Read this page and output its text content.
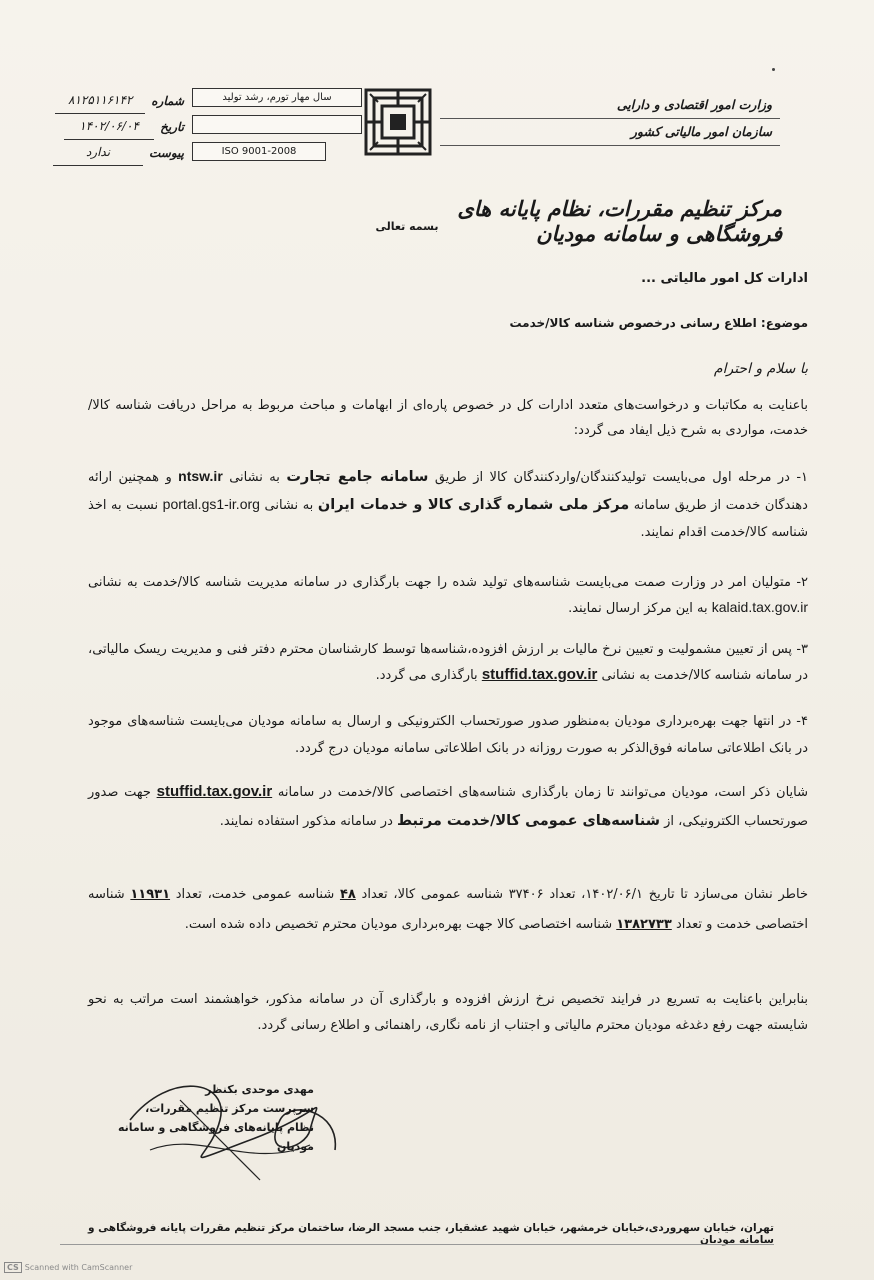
شماره
۸۱۲۵۱۱۶۱۴۲
تاریخ
۱۴۰۲/۰۶/۰۴
پیوست
ندارد
سال مهار تورم، رشد تولید
ISO 9001-2008
وزارت امور اقتصادی و دارایی
سازمان امور مالیاتی کشور
مرکز تنظیم مقررات، نظام پایانه های فروشگاهی و سامانه مودیان
بسمه تعالی
ادارات کل امور مالیاتی ...
موضوع: اطلاع رسانی درخصوص شناسه کالا/خدمت
با سلام و احترام
باعنایت به مکاتبات و درخواست‌های متعدد ادارات کل در خصوص پاره‌ای از ابهامات و مباحث مربوط به مراحل دریافت شناسه کالا/خدمت، مواردی به شرح ذیل ایفاد می گردد:
۱- در مرحله اول می‌بایست تولیدکنندگان/واردکنندگان کالا از طریق سامانه جامع تجارت به نشانی ntsw.ir و همچنین ارائه دهندگان خدمت از طریق سامانه مرکز ملی شماره گذاری کالا و خدمات ایران به نشانی portal.gs1-ir.org نسبت به اخذ شناسه کالا/خدمت اقدام نمایند.
۲- متولیان امر در وزارت صمت می‌بایست شناسه‌های تولید شده را جهت بارگذاری در سامانه مدیریت شناسه کالا/خدمت به نشانی kalaid.tax.gov.ir به این مرکز ارسال نمایند.
۳- پس از تعیین مشمولیت و تعیین نرخ مالیات بر ارزش افزوده،شناسه‌ها توسط کارشناسان محترم دفتر فنی و مدیریت ریسک مالیاتی، در سامانه شناسه کالا/خدمت به نشانی stuffid.tax.gov.ir بارگذاری می گردد.
۴- در انتها جهت بهره‌برداری مودیان به‌منظور صدور صورتحساب الکترونیکی و ارسال به سامانه مودیان می‌بایست شناسه‌های موجود در بانک اطلاعاتی سامانه فوق‌الذکر به صورت روزانه در بانک اطلاعاتی سامانه مودیان درج گردد.
شایان ذکر است، مودیان می‌توانند تا زمان بارگذاری شناسه‌های اختصاصی کالا/خدمت در سامانه stuffid.tax.gov.ir جهت صدور صورتحساب الکترونیکی، از شناسه‌های عمومی کالا/خدمت مرتبط در سامانه مذکور استفاده نمایند.
خاطر نشان می‌سازد تا تاریخ ۱۴۰۲/۰۶/۱، تعداد ۳۷۴۰۶ شناسه عمومی کالا، تعداد ۴۸ شناسه عمومی خدمت، تعداد ۱۱۹۳۱ شناسه اختصاصی خدمت و تعداد ۱۳۸۲۷۳۳ شناسه اختصاصی کالا جهت بهره‌برداری مودیان محترم تخصیص داده شده است.
بنابراین باعنایت به تسریع در فرایند تخصیص نرخ ارزش افزوده و بارگذاری آن در سامانه مذکور، خواهشمند است مراتب به نحو شایسته جهت رفع دغدغه مودیان محترم مالیاتی و اجتناب از نامه نگاری، راهنمائی و اطلاع رسانی گردد.
مهدی موحدی بکنظر
سرپرست مرکز تنظیم مقررات،
نظام پایانه‌های فروشگاهی و سامانه مودیان
تهران، خیابان سهروردی،خیابان خرمشهر، خیابان شهید عشقیار، جنب مسجد الرضا، ساختمان مرکز تنظیم مقررات پایانه فروشگاهی و سامانه مودیان
CS Scanned with CamScanner
